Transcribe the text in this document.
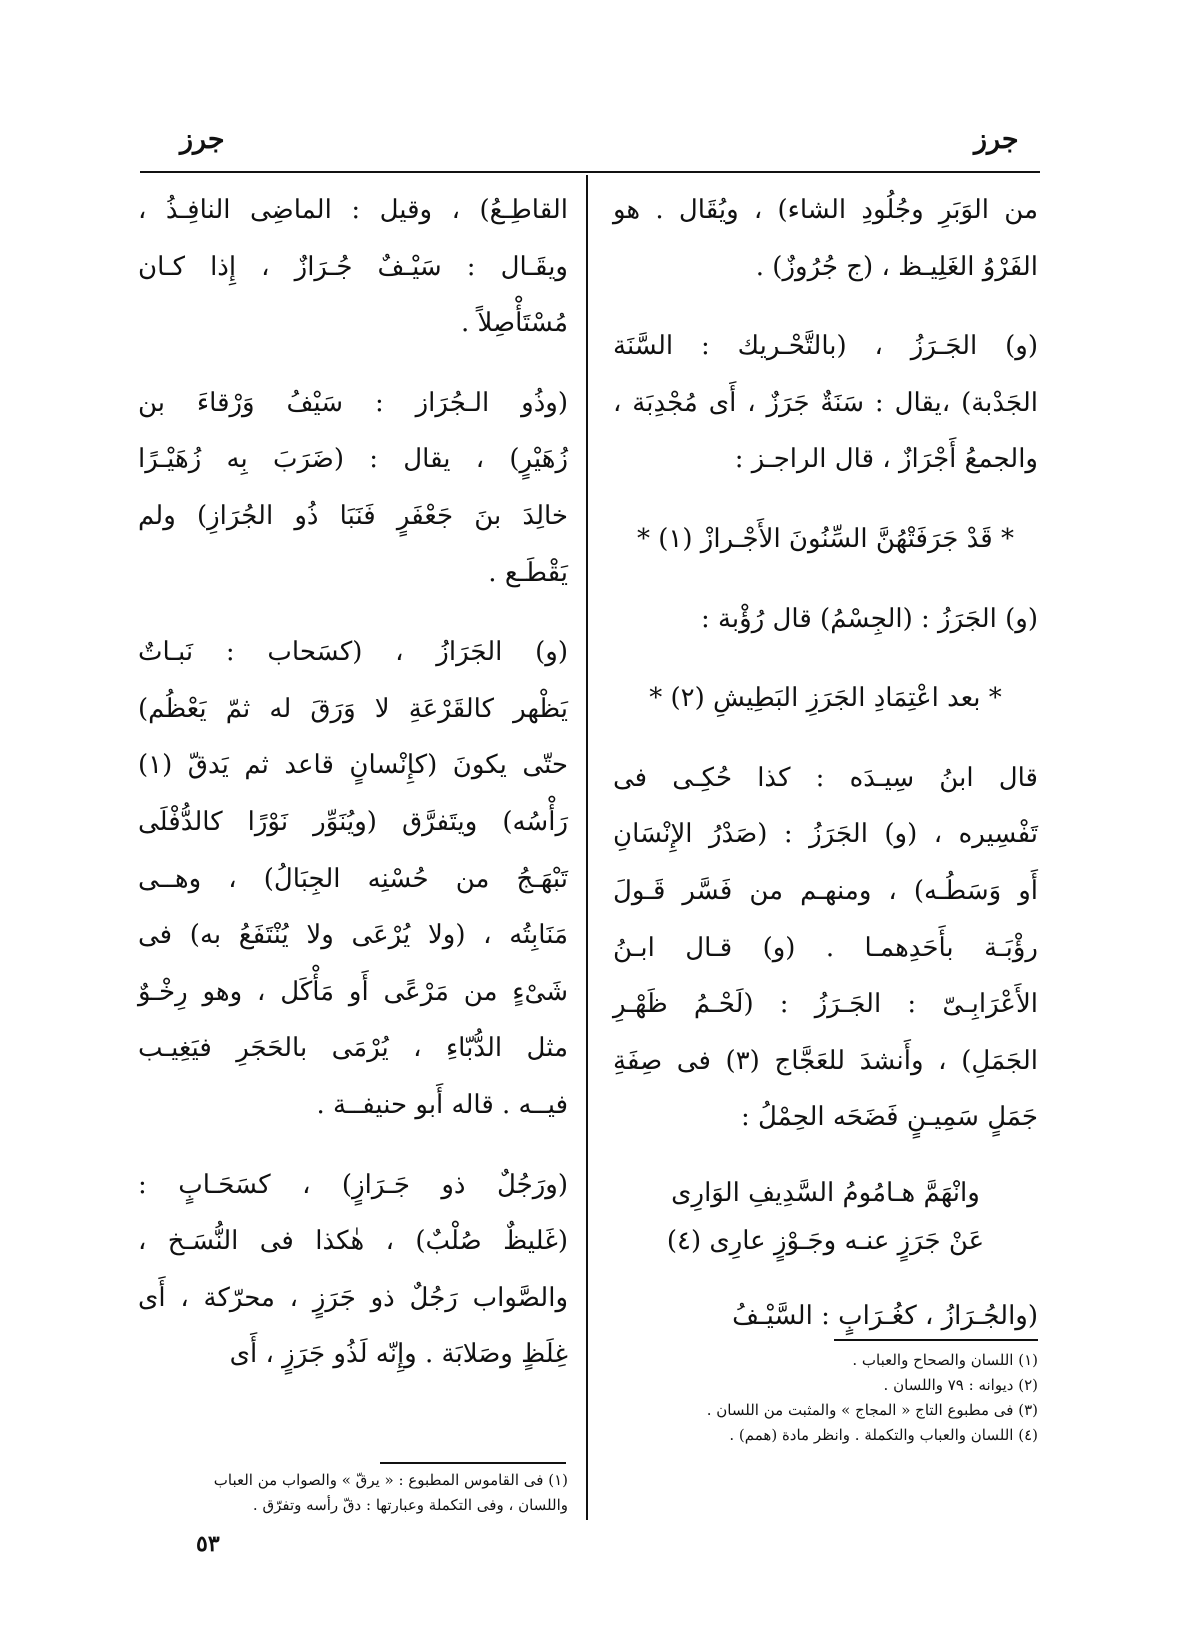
جرز
جرز
من الوَبَرِ وجُلُودِ الشاء) ، ويُقَال . هو
الفَرْوُ الغَلِيـظ ، (ج جُرُوزٌ) .
(و) الجَـرَزُ ، (بالتَّحْـريك : السَّنَة
الجَدْبة) ،يقال : سَنَةٌ جَرَزٌ ، أَى مُجْدِبَة ،
والجمعُ أَجْرَازٌ ، قال الراجـز :
* قَدْ جَرَفَتْهُنَّ السِّنُونَ الأَجْـرازْ (١) *
(و) الجَرَزُ : (الجِسْمُ) قال رُؤْبة :
* بعد اعْتِمَادِ الجَرَزِ البَطِيشِ (٢) *
قال ابنُ سِيـدَه : كذا حُكِـى فى
تَفْسِيره ، (و) الجَرَزُ : (صَدْرُ الإِنْسَانِ
أَو وَسَطُـه) ، ومنهـم من فَسَّر قَـولَ
رؤْبَـة بأَحَدِهمـا . (و) قـال ابـنُ
الأَعْرَابِـىّ : الجَـرَزُ : (لَحْـمُ ظَهْـرِ
الجَمَلِ) ، وأَنشدَ للعَجَّاج (٣) فى صِفَةِ
جَمَلٍ سَمِيـنٍ فَضَحَه الحِمْلُ :
وانْهَمَّ هـامُومُ السَّدِيفِ الوَارِى
عَنْ جَرَزٍ عنـه وجَـوْزٍ عارِى (٤)
(والجُـرَازُ ، كغُـرَابٍ : السَّيْـفُ
القاطِـعُ) ، وقيل : الماضِى النافِـذُ ،
ويقَـال : سَيْـفٌ جُـرَازٌ ، إِذا كـان
مُسْتَأْصِلاً .
(وذُو الـجُرَاز : سَيْفُ وَرْقاءَ بن
زُهَيْرٍ) ، يقال : (ضَرَبَ بِه زُهَيْـرًا
خالِدَ بنَ جَعْفَرٍ فَنَبَا ذُو الجُرَازِ) ولم
يَقْطَـع .
(و) الجَرَازُ ، (كسَحاب : نَبـاتٌ
يَظْهر كالقَرْعَةِ لا وَرَقَ له ثمّ يَعْظُم)
حتّى يكونَ (كإِنْسانٍ قاعد ثم يَدقّ (١)
رَأْسُه) ويتَفرَّق (ويُنَوِّر نَوْرًا كالدُّفْلَى
تَبْهَـجُ من حُسْنِه الجِبَالُ) ، وهــى
مَنَابِتُه ، (ولا يُرْعَى ولا يُنْتَفَعُ به) فى
شَىْءٍ من مَرْعًى أَو مَأْكَل ، وهو رِخْـوٌ
مثل الدُّبّاءِ ، يُرْمَى بالحَجَرِ فيَغِيـب
فيــه . قاله أَبو حنيفــة .
(ورَجُلٌ ذو جَـرَازٍ) ، كسَحَـابٍ :
(غَليظٌ صُلْبٌ) ، هٰكذا فى النُّسَـخ ،
والصَّواب رَجُلٌ ذو جَرَزٍ ، محرّكة ، أَى
غِلَظٍ وصَلابَة . وإِنّه لَذُو جَرَزٍ ، أَى	(١) اللسان والصحاح والعباب .
(٢) ديوانه : ٧٩ واللسان .
(٣) فى مطبوع التاج « المجاج » والمثبت من اللسان .
(٤) اللسان والعباب والتكملة . وانظر مادة (همم) .
(١) فى القاموس المطبوع : « يرقّ » والصواب من العباب
واللسان ، وفى التكملة وعبارتها : دقّ رأسه وتفرّق .
٥٣
